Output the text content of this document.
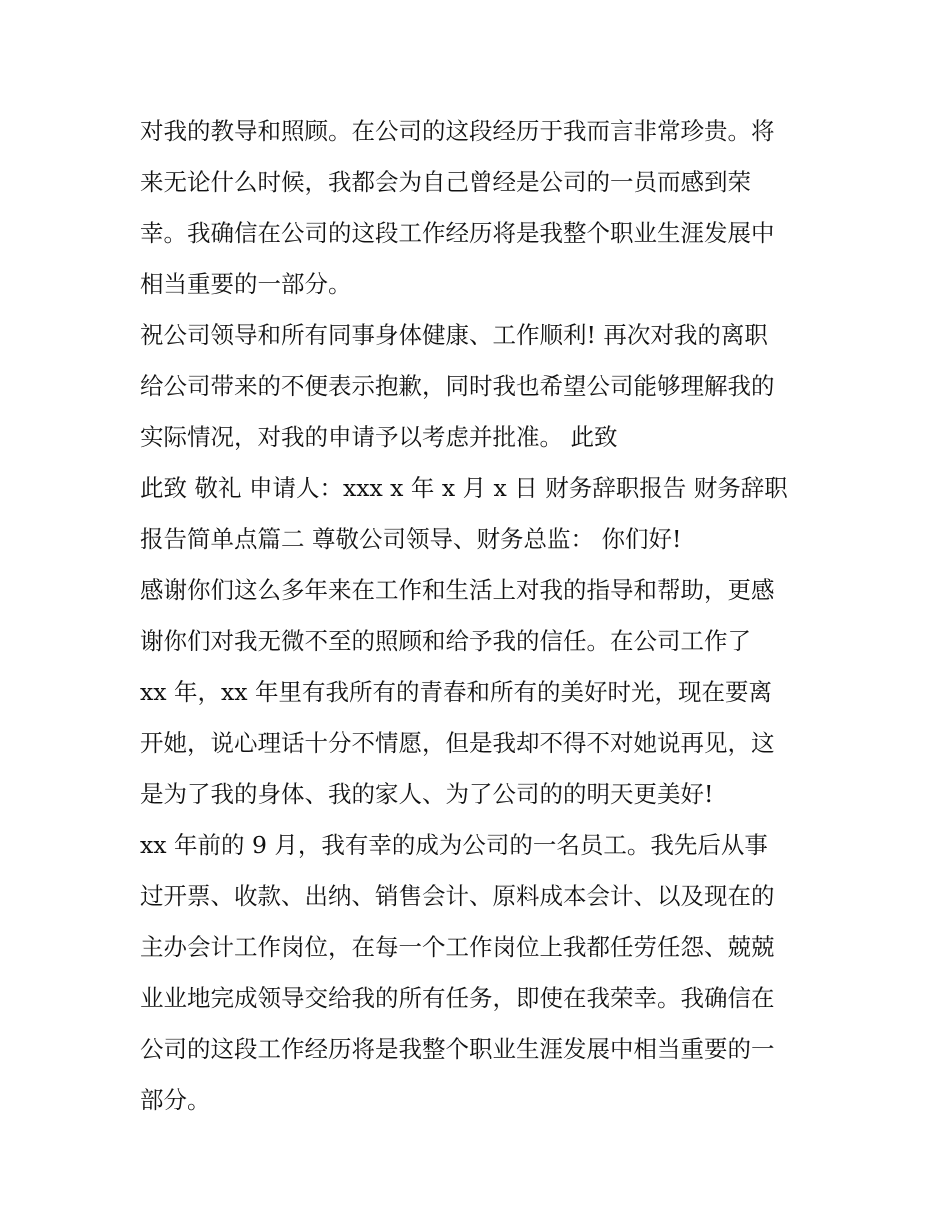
对我的教导和照顾。在公司的这段经历于我而言非常珍贵。将
来无论什么时候，我都会为自己曾经是公司的一员而感到荣
幸。我确信在公司的这段工作经历将是我整个职业生涯发展中
相当重要的一部分。
祝公司领导和所有同事身体健康、工作顺利! 再次对我的离职
给公司带来的不便表示抱歉，同时我也希望公司能够理解我的
实际情况，对我的申请予以考虑并批准。 此致
此致 敬礼 申请人：xxx x 年 x 月 x 日 财务辞职报告 财务辞职
报告简单点篇二 尊敬公司领导、财务总监： 你们好!
感谢你们这么多年来在工作和生活上对我的指导和帮助，更感
谢你们对我无微不至的照顾和给予我的信任。在公司工作了
xx 年，xx 年里有我所有的青春和所有的美好时光，现在要离
开她，说心理话十分不情愿，但是我却不得不对她说再见，这
是为了我的身体、我的家人、为了公司的的明天更美好!
xx 年前的 9 月，我有幸的成为公司的一名员工。我先后从事
过开票、收款、出纳、销售会计、原料成本会计、以及现在的
主办会计工作岗位，在每一个工作岗位上我都任劳任怨、兢兢
业业地完成领导交给我的所有任务，即使在我荣幸。我确信在
公司的这段工作经历将是我整个职业生涯发展中相当重要的一
部分。
